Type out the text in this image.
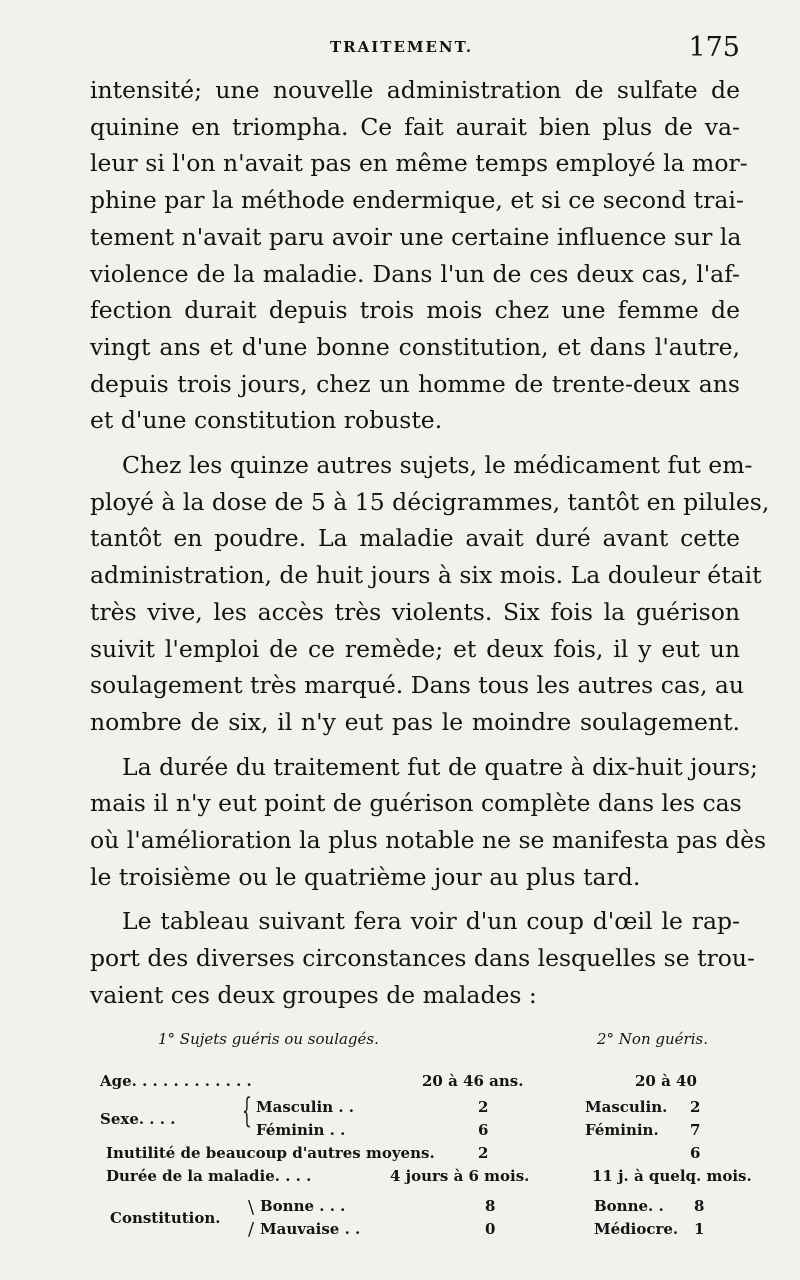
TRAITEMENT.	175
intensité; une nouvelle administration de sulfate de
quinine en triompha. Ce fait aurait bien plus de va-
leur si l'on n'avait pas en même temps employé la mor-
phine par la méthode endermique, et si ce second trai-
tement n'avait paru avoir une certaine influence sur la
violence de la maladie. Dans l'un de ces deux cas, l'af-
fection durait depuis trois mois chez une femme de
vingt ans et d'une bonne constitution, et dans l'autre,
depuis trois jours, chez un homme de trente-deux ans
et d'une constitution robuste.
Chez les quinze autres sujets, le médicament fut em-
ployé à la dose de 5 à 15 décigrammes, tantôt en pilules,
tantôt en poudre. La maladie avait duré avant cette
administration, de huit jours à six mois. La douleur était
très vive, les accès très violents. Six fois la guérison
suivit l'emploi de ce remède; et deux fois, il y eut un
soulagement très marqué. Dans tous les autres cas, au
nombre de six, il n'y eut pas le moindre soulagement.
La durée du traitement fut de quatre à dix-huit jours;
mais il n'y eut point de guérison complète dans les cas
où l'amélioration la plus notable ne se manifesta pas dès
le troisième ou le quatrième jour au plus tard.
Le tableau suivant fera voir d'un coup d'œil le rap-
port des diverses circonstances dans lesquelles se trou-
vaient ces deux groupes de malades :
1° Sujets guéris ou soulagés.	2° Non guéris.
Age. . . . . . . . . . . .	20 à 46 ans.	20 à 40
Sexe. . . . { Masculin . .	2	Masculin. 2
Féminin . .	6	Féminin. 7
Inutilité de beaucoup d'autres moyens.	2	6
Durée de la maladie. . . .	4 jours à 6 mois.	11 j. à quelq. mois.
Constitution. \ Bonne . . .	8	Bonne. . 8
/ Mauvaise . .	0	Médiocre. 1
